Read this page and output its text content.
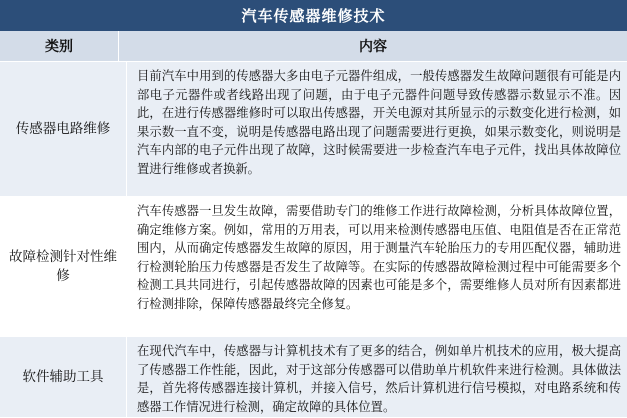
汽车传感器维修技术
类别	内容
传感器电路维修
目前汽车中用到的传感器大多由电子元器件组成，一般传感器发生故障问题很有可能是内部电子元器件或者线路出现了问题，由于电子元器件问题导致传感器示数显示不准。因此，在进行传感器维修时可以取出传感器，开关电源对其所显示的示数变化进行检测，如果示数一直不变，说明是传感器电路出现了问题需要进行更换，如果示数变化，则说明是汽车内部的电子元件出现了故障，这时候需要进一步检查汽车电子元件，找出具体故障位置进行维修或者换新。
故障检测针对性维修
汽车传感器一旦发生故障，需要借助专门的维修工作进行故障检测，分析具体故障位置，确定维修方案。例如，常用的万用表，可以用来检测传感器电压值、电阻值是否在正常范围内，从而确定传感器发生故障的原因，用于测量汽车轮胎压力的专用匹配仪器，辅助进行检测轮胎压力传感器是否发生了故障等。在实际的传感器故障检测过程中可能需要多个检测工具共同进行，引起传感器故障的因素也可能是多个，需要维修人员对所有因素都进行检测排除，保障传感器最终完全修复。
软件辅助工具
在现代汽车中，传感器与计算机技术有了更多的结合，例如单片机技术的应用，极大提高了传感器工作性能，因此，对于这部分传感器可以借助单片机软件来进行检测。具体做法是，首先将传感器连接计算机，并接入信号，然后计算机进行信号模拟，对电路系统和传感器工作情况进行检测，确定故障的具体位置。
